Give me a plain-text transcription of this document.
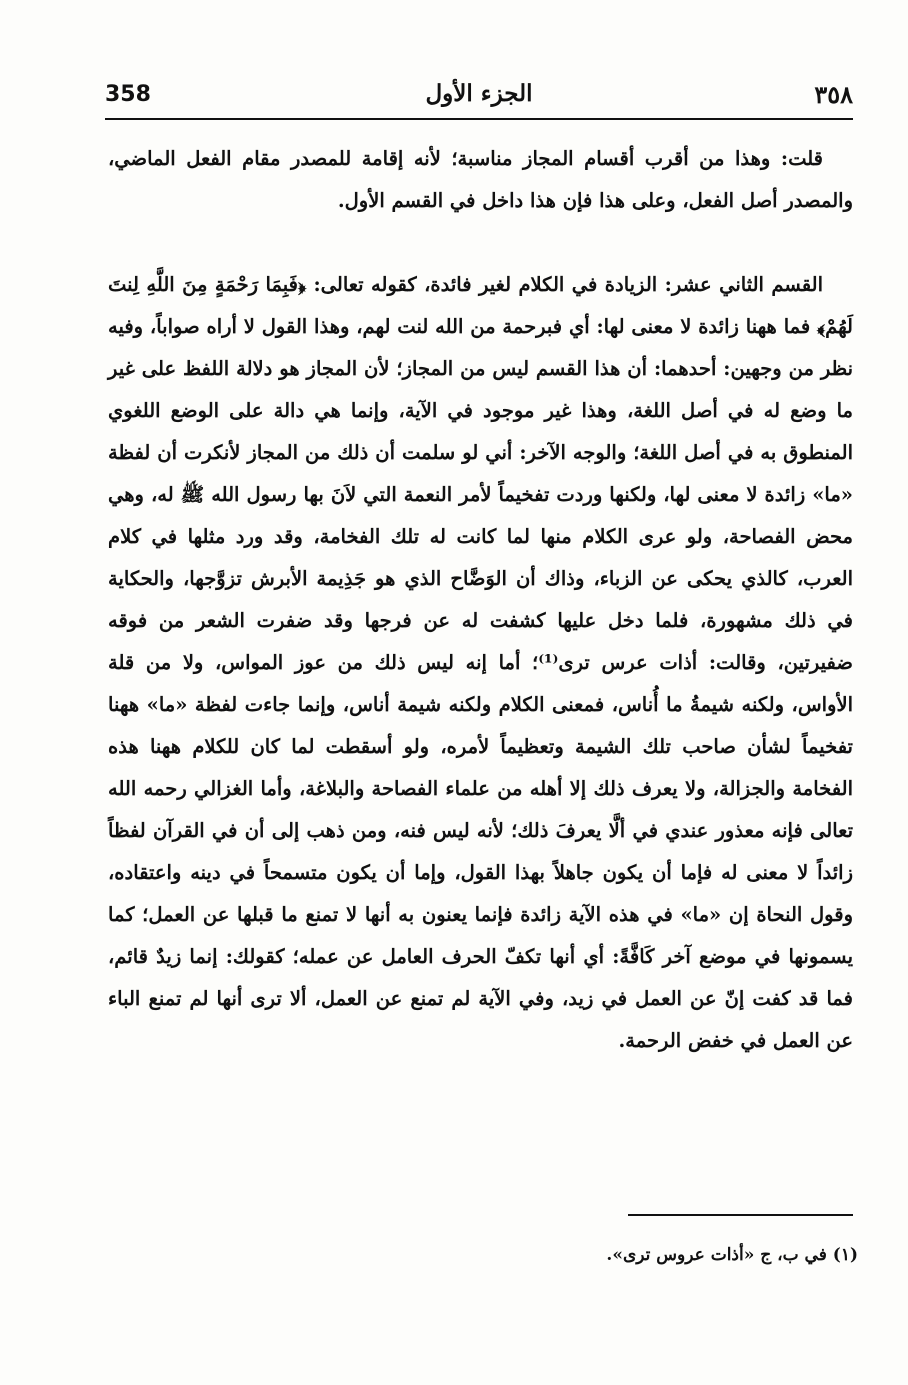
358	الجزء الأول	٣٥٨

قلت: وهذا من أقرب أقسام المجاز مناسبة؛ لأنه إقامة للمصدر مقام الفعل الماضي، والمصدر أصل الفعل، وعلى هذا فإن هذا داخل في القسم الأول.

القسم الثاني عشر: الزيادة في الكلام لغير فائدة، كقوله تعالى: ﴿فَبِمَا رَحْمَةٍ مِنَ اللَّهِ لِنتَ لَهُمْ﴾ فما ههنا زائدة لا معنى لها: أي فبرحمة من الله لنت لهم، وهذا القول لا أراه صواباً، وفيه نظر من وجهين: أحدهما: أن هذا القسم ليس من المجاز؛ لأن المجاز هو دلالة اللفظ على غير ما وضع له في أصل اللغة، وهذا غير موجود في الآية، وإنما هي دالة على الوضع اللغوي المنطوق به في أصل اللغة؛ والوجه الآخر: أني لو سلمت أن ذلك من المجاز لأنكرت أن لفظة «ما» زائدة لا معنى لها، ولكنها وردت تفخيماً لأمر النعمة التي لاَنَ بها رسول الله ﷺ له، وهي محض الفصاحة، ولو عرى الكلام منها لما كانت له تلك الفخامة، وقد ورد مثلها في كلام العرب، كالذي يحكى عن الزباء، وذاك أن الوَضَّاح الذي هو جَذِيمة الأبرش تزوَّجها، والحكاية في ذلك مشهورة، فلما دخل عليها كشفت له عن فرجها وقد ضفرت الشعر من فوقه ضفيرتين، وقالت: أذات عرس ترى⁽¹⁾؛ أما إنه ليس ذلك من عوز المواس، ولا من قلة الأواس، ولكنه شيمةُ ما أُناس، فمعنى الكلام ولكنه شيمة أناس، وإنما جاءت لفظة «ما» ههنا تفخيماً لشأن صاحب تلك الشيمة وتعظيماً لأمره، ولو أسقطت لما كان للكلام ههنا هذه الفخامة والجزالة، ولا يعرف ذلك إلا أهله من علماء الفصاحة والبلاغة، وأما الغزالي رحمه الله تعالى فإنه معذور عندي في ألَّا يعرفَ ذلك؛ لأنه ليس فنه، ومن ذهب إلى أن في القرآن لفظاً زائداً لا معنى له فإما أن يكون جاهلاً بهذا القول، وإما أن يكون متسمحاً في دينه واعتقاده، وقول النحاة إن «ما» في هذه الآية زائدة فإنما يعنون به أنها لا تمنع ما قبلها عن العمل؛ كما يسمونها في موضع آخر كَافَّةً: أي أنها تكفّ الحرف العامل عن عمله؛ كقولك: إنما زيدٌ قائم، فما قد كفت إنّ عن العمل في زيد، وفي الآية لم تمنع عن العمل، ألا ترى أنها لم تمنع الباء عن العمل في خفض الرحمة.

(١) في ب، ج «أذات عروس ترى».
